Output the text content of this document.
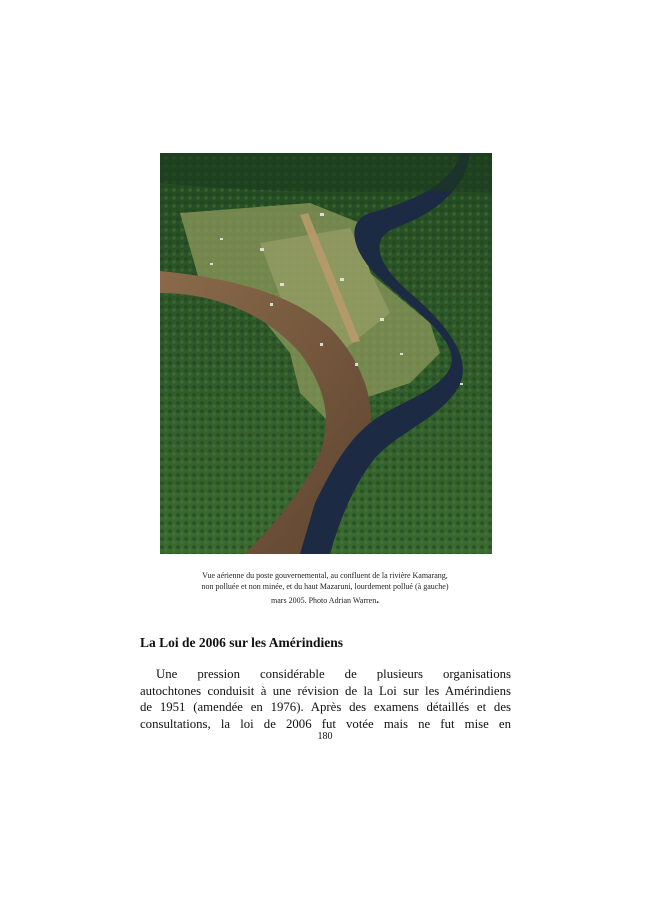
Vue aérienne du poste gouvernemental, au confluent de la rivière Kamarang,
non polluée et non minée, et du haut Mazaruni, lourdement pollué (à gauche)
mars 2005. Photo Adrian Warren.
La Loi de 2006 sur les Amérindiens

Une pression considérable de plusieurs organisations
autochtones conduisit à une révision de la Loi sur les Amérindiens
de 1951 (amendée en 1976). Après des examens détaillés et des
consultations, la loi de 2006 fut votée mais ne fut mise en

180
